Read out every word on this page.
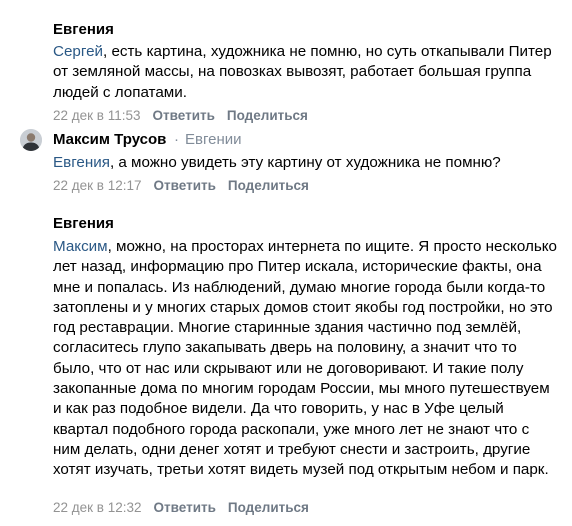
Евгения
Сергей, есть картина, художника не помню, но суть откапывали Питер от земляной массы, на повозках вывозят, работает большая группа людей с лопатами.
22 дек в 11:53 Ответить Поделиться
Максим Трусов · Евгении
Евгения, а можно увидеть эту картину от художника не помню?
22 дек в 12:17 Ответить Поделиться
Евгения
Максим, можно, на просторах интернета по ищите. Я просто несколько лет назад, информацию про Питер искала, исторические факты, она мне и попалась. Из наблюдений, думаю многие города были когда-то затоплены и у многих старых домов стоит якобы год постройки, но это год реставрации. Многие старинные здания частично под землёй, согласитесь глупо закапывать дверь на половину, а значит что то было, что от нас или скрывают или не договоривают. И такие полу закопанные дома по многим городам России, мы много путешествуем и как раз подобное видели. Да что говорить, у нас в Уфе целый квартал подобного города раскопали, уже много лет не знают что с ним делать, одни денег хотят и требуют снести и застроить, другие хотят изучать, третьи хотят видеть музей под открытым небом и парк.
22 дек в 12:32 Ответить Поделиться
